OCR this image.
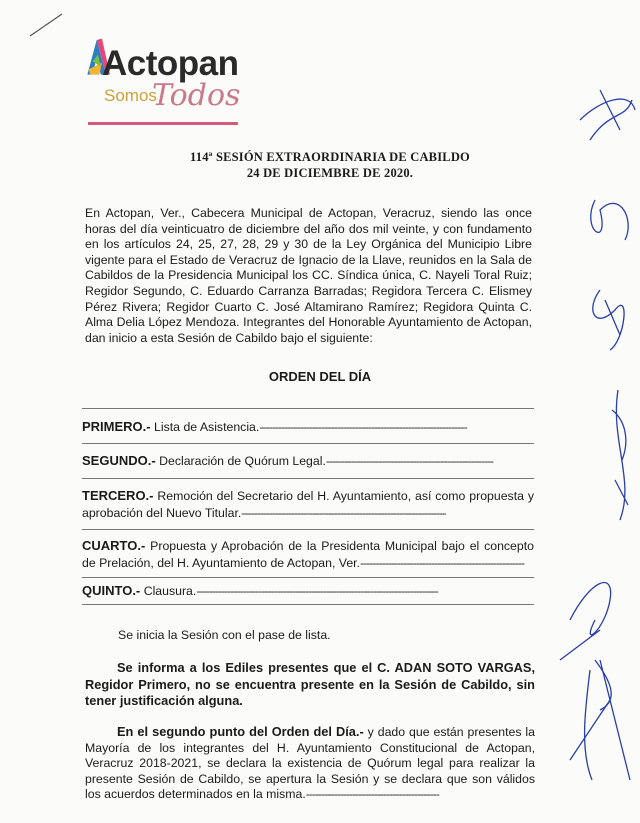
Actopan
Somos
Todos
114ª SESIÓN EXTRAORDINARIA DE CABILDO
24 DE DICIEMBRE DE 2020.
En Actopan, Ver., Cabecera Municipal de Actopan, Veracruz, siendo las once horas del día veinticuatro de diciembre del año dos mil veinte, y con fundamento en los artículos 24, 25, 27, 28, 29 y 30 de la Ley Orgánica del Municipio Libre vigente para el Estado de Veracruz de Ignacio de la Llave, reunidos en la Sala de Cabildos de la Presidencia Municipal los CC. Síndica única, C. Nayeli Toral Ruiz; Regidor Segundo, C. Eduardo Carranza Barradas; Regidora Tercera C. Elismey Pérez Rivera; Regidor Cuarto C. José Altamirano Ramírez; Regidora Quinta C. Alma Delia López Mendoza. Integrantes del Honorable Ayuntamiento de Actopan, dan inicio a esta Sesión de Cabildo bajo el siguiente:
ORDEN DEL DÍA
PRIMERO.- Lista de Asistencia.-------------------------------------------------------------------
SEGUNDO.- Declaración de Quórum Legal.------------------------------------------------------
TERCERO.- Remoción del Secretario del H. Ayuntamiento, así como propuesta y aprobación del Nuevo Titular.------------------------------------------------------------------
CUARTO.- Propuesta y Aprobación de la Presidenta Municipal bajo el concepto de Prelación, del H. Ayuntamiento de Actopan, Ver.-----------------------------------------------------
QUINTO.- Clausura.------------------------------------------------------------------------------
Se inicia la Sesión con el pase de lista.
Se informa a los Ediles presentes que el C. ADAN SOTO VARGAS, Regidor Primero, no se encuentra presente en la Sesión de Cabildo, sin tener justificación alguna.
En el segundo punto del Orden del Día.- y dado que están presentes la Mayoría de los integrantes del H. Ayuntamiento Constitucional de Actopan, Veracruz 2018-2021, se declara la existencia de Quórum legal para realizar la presente Sesión de Cabildo, se apertura la Sesión y se declara que son válidos los acuerdos determinados en la misma.-------------------------------------------
